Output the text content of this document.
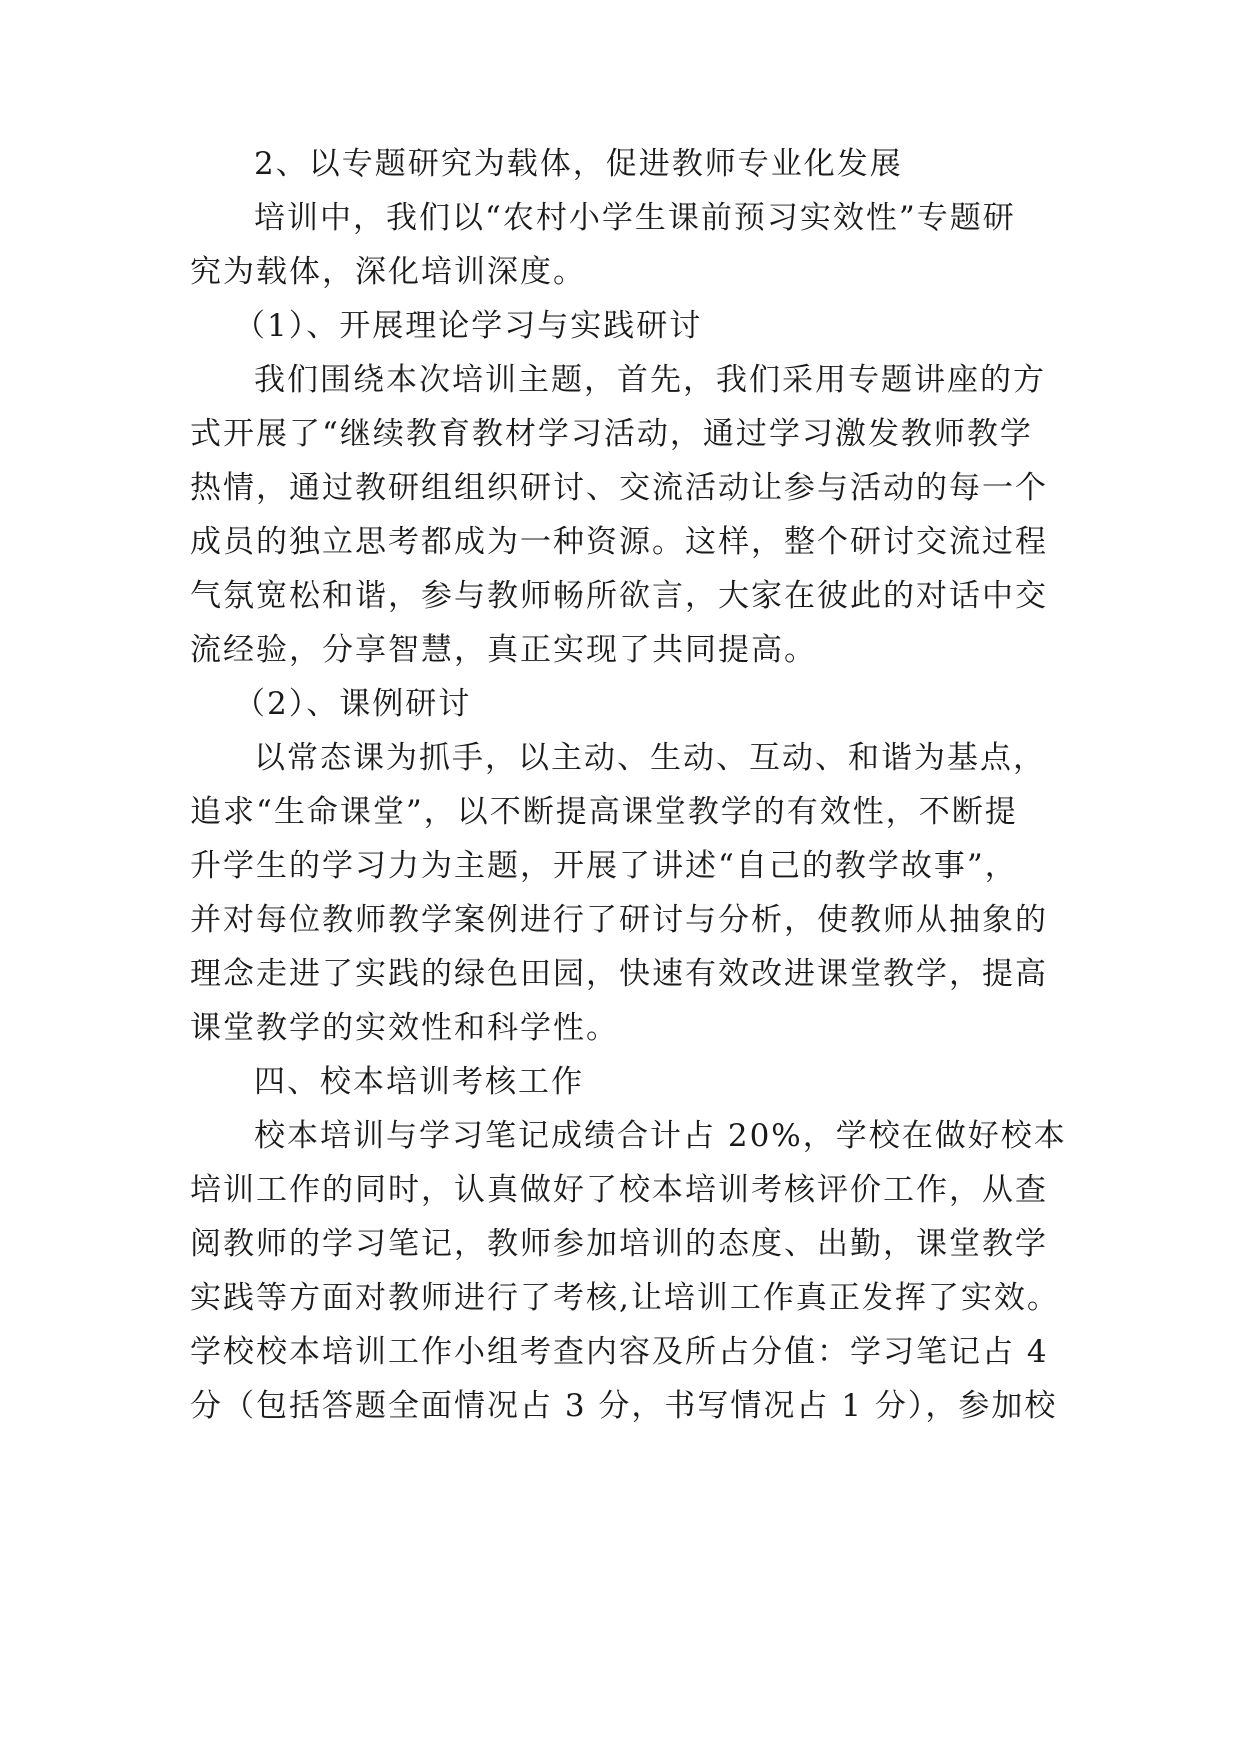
2、以专题研究为载体，促进教师专业化发展
培训中，我们以“农村小学生课前预习实效性”专题研
究为载体，深化培训深度。
（1）、开展理论学习与实践研讨
我们围绕本次培训主题，首先，我们采用专题讲座的方
式开展了“继续教育教材学习活动，通过学习激发教师教学
热情，通过教研组组织研讨、交流活动让参与活动的每一个
成员的独立思考都成为一种资源。这样，整个研讨交流过程
气氛宽松和谐，参与教师畅所欲言，大家在彼此的对话中交
流经验，分享智慧，真正实现了共同提高。
（2）、课例研讨
以常态课为抓手，以主动、生动、互动、和谐为基点，
追求“生命课堂”，以不断提高课堂教学的有效性，不断提
升学生的学习力为主题，开展了讲述“自己的教学故事”，
并对每位教师教学案例进行了研讨与分析，使教师从抽象的
理念走进了实践的绿色田园，快速有效改进课堂教学，提高
课堂教学的实效性和科学性。
四、校本培训考核工作
校本培训与学习笔记成绩合计占 20%，学校在做好校本
培训工作的同时，认真做好了校本培训考核评价工作，从查
阅教师的学习笔记，教师参加培训的态度、出勤，课堂教学
实践等方面对教师进行了考核,让培训工作真正发挥了实效。
学校校本培训工作小组考查内容及所占分值：学习笔记占 4
分（包括答题全面情况占 3 分，书写情况占 1 分），参加校
